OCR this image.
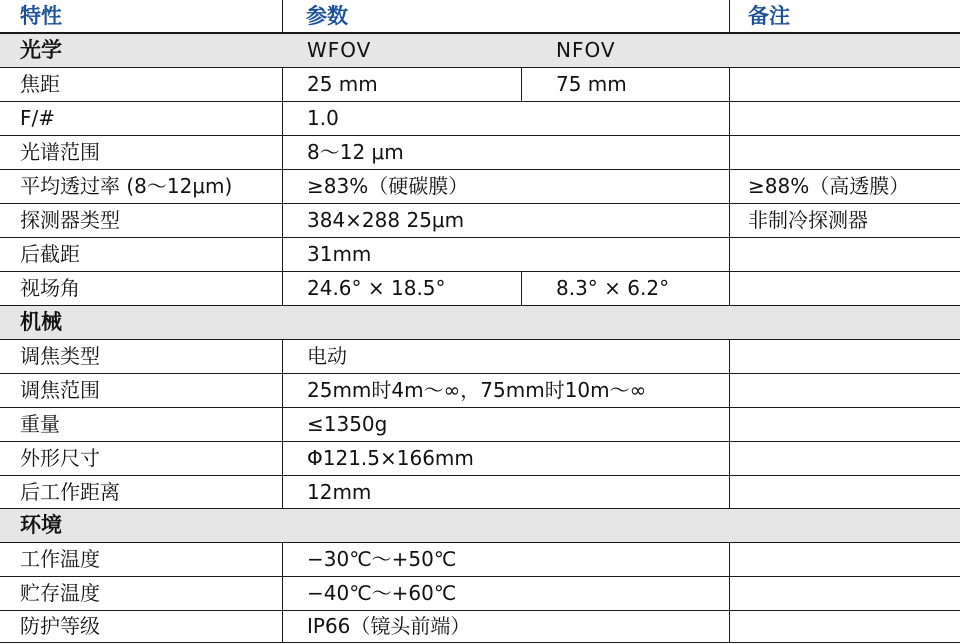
特性	参数	备注
光学	WFOV	NFOV
焦距	25 mm	75 mm
F/#	1.0
光谱范围	8～12 μm
平均透过率 (8～12μm)	≥83%（硬碳膜）	≥88%（高透膜）
探测器类型	384×288 25μm	非制冷探测器
后截距	31mm
视场角	24.6° × 18.5°	8.3° × 6.2°
机械
调焦类型	电动
调焦范围	25mm时4m～∞，75mm时10m～∞
重量	≤1350g
外形尺寸	Φ121.5×166mm
后工作距离	12mm
环境
工作温度	−30℃～+50℃
贮存温度	−40℃～+60℃
防护等级	IP66（镜头前端）
